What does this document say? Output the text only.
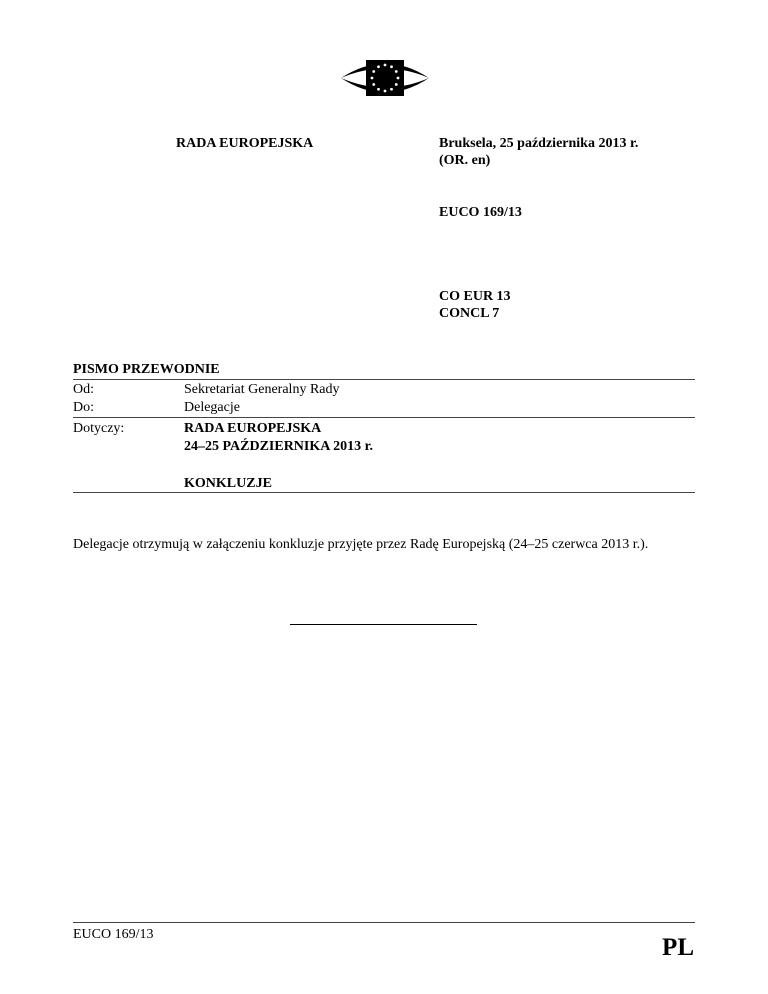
RADA EUROPEJSKA	Bruksela, 25 października 2013 r.
(OR. en)
EUCO 169/13
CO EUR 13
CONCL 7
PISMO PRZEWODNIE
Od:	Sekretariat Generalny Rady
Do:	Delegacje
Dotyczy:	RADA EUROPEJSKA
24–25 PAŹDZIERNIKA 2013 r.
KONKLUZJE
Delegacje otrzymują w załączeniu konkluzje przyjęte przez Radę Europejską (24–25 czerwca 2013 r.).
EUCO 169/13	PL
